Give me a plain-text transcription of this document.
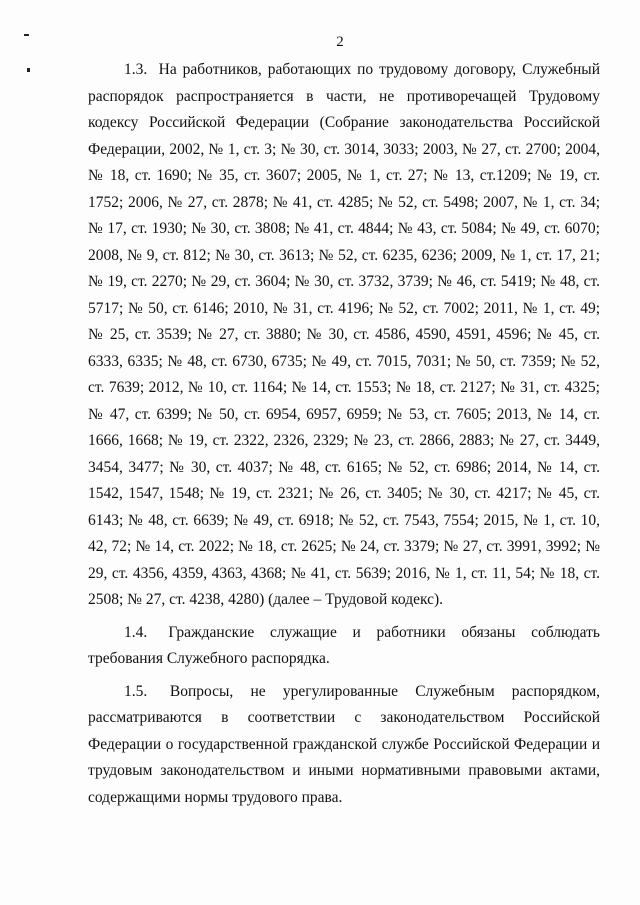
2

1.3. На работников, работающих по трудовому договору, Служебный распорядок распространяется в части, не противоречащей Трудовому кодексу Российской Федерации (Собрание законодательства Российской Федерации, 2002, № 1, ст. 3; № 30, ст. 3014, 3033; 2003, № 27, ст. 2700; 2004, № 18, ст. 1690; № 35, ст. 3607; 2005, № 1, ст. 27; № 13, ст.1209; № 19, ст. 1752; 2006, № 27, ст. 2878; № 41, ст. 4285; № 52, ст. 5498; 2007, № 1, ст. 34; № 17, ст. 1930; № 30, ст. 3808; № 41, ст. 4844; № 43, ст. 5084; № 49, ст. 6070; 2008, № 9, ст. 812; № 30, ст. 3613; № 52, ст. 6235, 6236; 2009, № 1, ст. 17, 21; № 19, ст. 2270; № 29, ст. 3604; № 30, ст. 3732, 3739; № 46, ст. 5419; № 48, ст. 5717; № 50, ст. 6146; 2010, № 31, ст. 4196; № 52, ст. 7002; 2011, № 1, ст. 49; № 25, ст. 3539; № 27, ст. 3880; № 30, ст. 4586, 4590, 4591, 4596; № 45, ст. 6333, 6335; № 48, ст. 6730, 6735; № 49, ст. 7015, 7031; № 50, ст. 7359; № 52, ст. 7639; 2012, № 10, ст. 1164; № 14, ст. 1553; № 18, ст. 2127; № 31, ст. 4325; № 47, ст. 6399; № 50, ст. 6954, 6957, 6959; № 53, ст. 7605; 2013, № 14, ст. 1666, 1668; № 19, ст. 2322, 2326, 2329; № 23, ст. 2866, 2883; № 27, ст. 3449, 3454, 3477; № 30, ст. 4037; № 48, ст. 6165; № 52, ст. 6986; 2014, № 14, ст. 1542, 1547, 1548; № 19, ст. 2321; № 26, ст. 3405; № 30, ст. 4217; № 45, ст. 6143; № 48, ст. 6639; № 49, ст. 6918; № 52, ст. 7543, 7554; 2015, № 1, ст. 10, 42, 72; № 14, ст. 2022; № 18, ст. 2625; № 24, ст. 3379; № 27, ст. 3991, 3992; № 29, ст. 4356, 4359, 4363, 4368; № 41, ст. 5639; 2016, № 1, ст. 11, 54; № 18, ст. 2508; № 27, ст. 4238, 4280) (далее – Трудовой кодекс).

1.4. Гражданские служащие и работники обязаны соблюдать требования Служебного распорядка.

1.5. Вопросы, не урегулированные Служебным распорядком, рассматриваются в соответствии с законодательством Российской Федерации о государственной гражданской службе Российской Федерации и трудовым законодательством и иными нормативными правовыми актами, содержащими нормы трудового права.
